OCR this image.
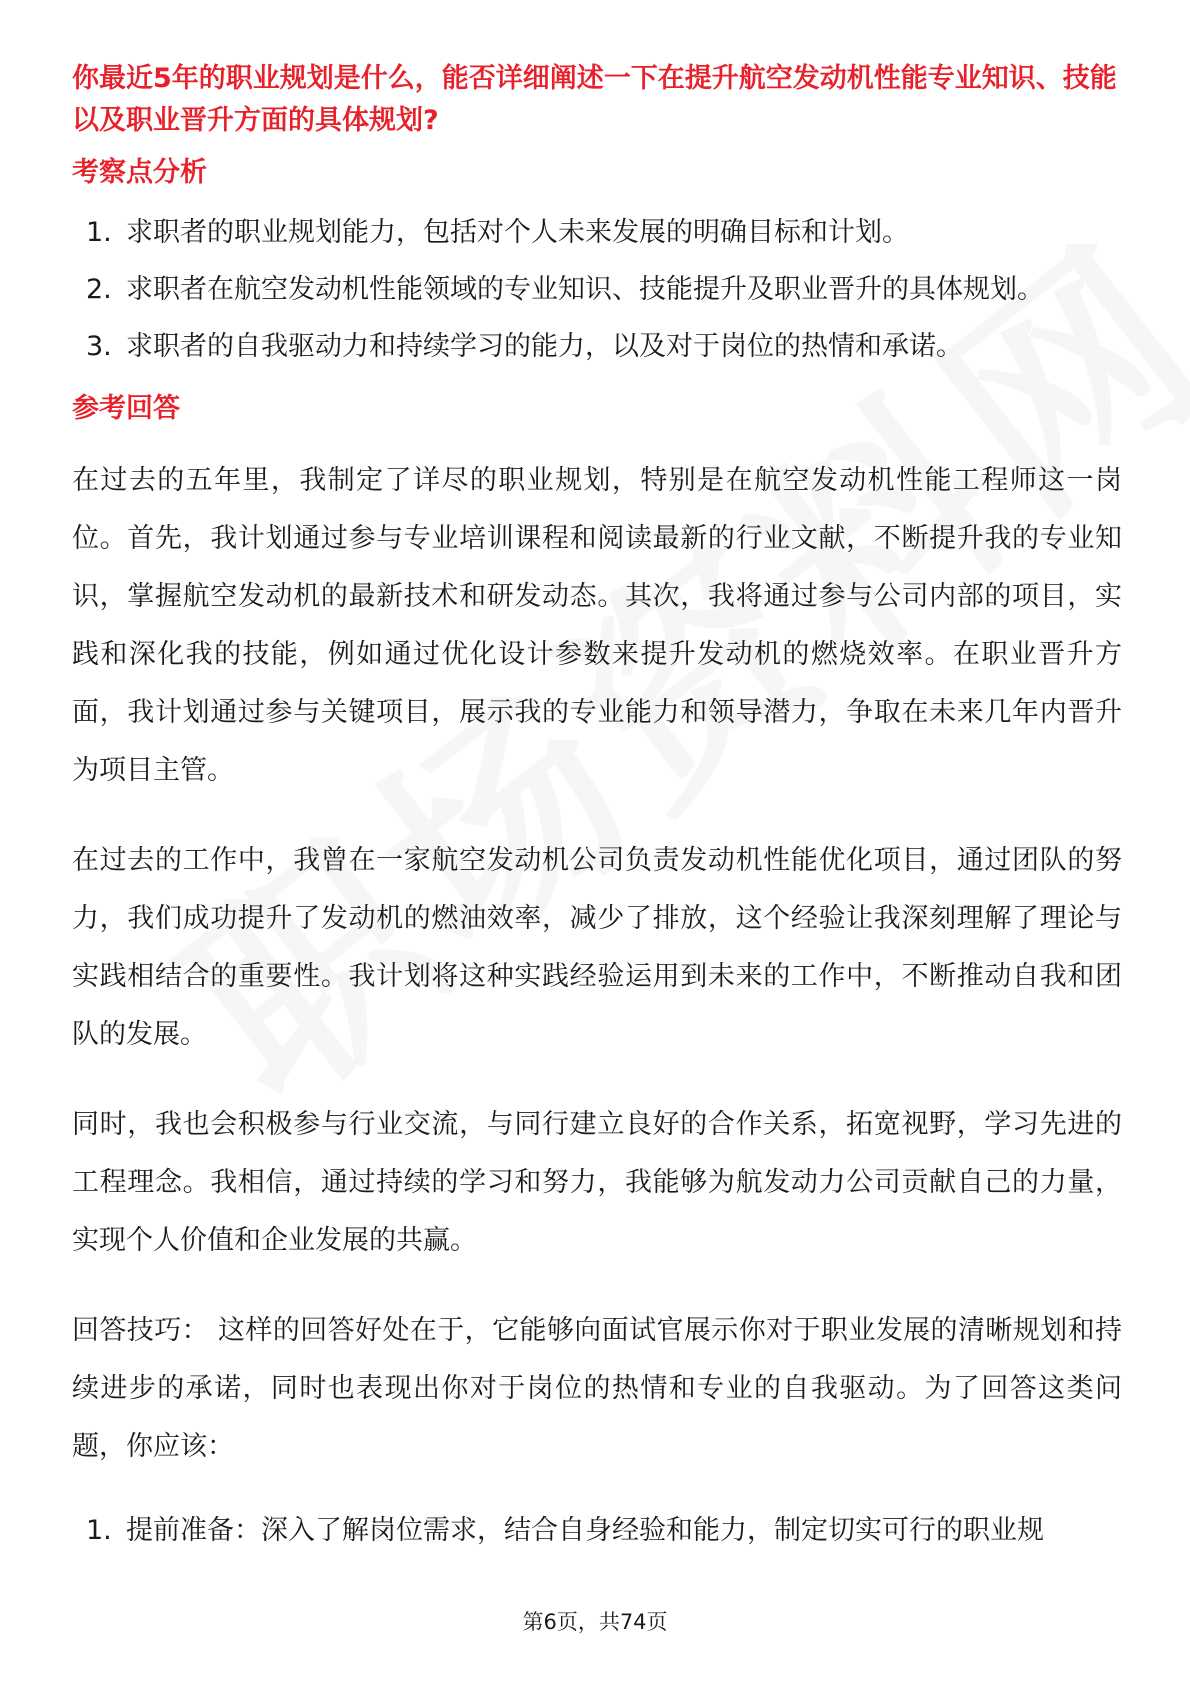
你最近5年的职业规划是什么，能否详细阐述一下在提升航空发动机性能专业知识、技能以及职业晋升方面的具体规划?

考察点分析
1. 求职者的职业规划能力，包括对个人未来发展的明确目标和计划。
2. 求职者在航空发动机性能领域的专业知识、技能提升及职业晋升的具体规划。
3. 求职者的自我驱动力和持续学习的能力，以及对于岗位的热情和承诺。
参考回答

在过去的五年里，我制定了详尽的职业规划，特别是在航空发动机性能工程师这一岗位。首先，我计划通过参与专业培训课程和阅读最新的行业文献，不断提升我的专业知识，掌握航空发动机的最新技术和研发动态。其次，我将通过参与公司内部的项目，实践和深化我的技能，例如通过优化设计参数来提升发动机的燃烧效率。在职业晋升方面，我计划通过参与关键项目，展示我的专业能力和领导潜力，争取在未来几年内晋升为项目主管。

在过去的工作中，我曾在一家航空发动机公司负责发动机性能优化项目，通过团队的努力，我们成功提升了发动机的燃油效率，减少了排放，这个经验让我深刻理解了理论与实践相结合的重要性。我计划将这种实践经验运用到未来的工作中，不断推动自我和团队的发展。

同时，我也会积极参与行业交流，与同行建立良好的合作关系，拓宽视野，学习先进的工程理念。我相信，通过持续的学习和努力，我能够为航发动力公司贡献自己的力量，实现个人价值和企业发展的共赢。

回答技巧： 这样的回答好处在于，它能够向面试官展示你对于职业发展的清晰规划和持续进步的承诺，同时也表现出你对于岗位的热情和专业的自我驱动。为了回答这类问题，你应该：

1. 提前准备：深入了解岗位需求，结合自身经验和能力，制定切实可行的职业规
第6页，共74页
